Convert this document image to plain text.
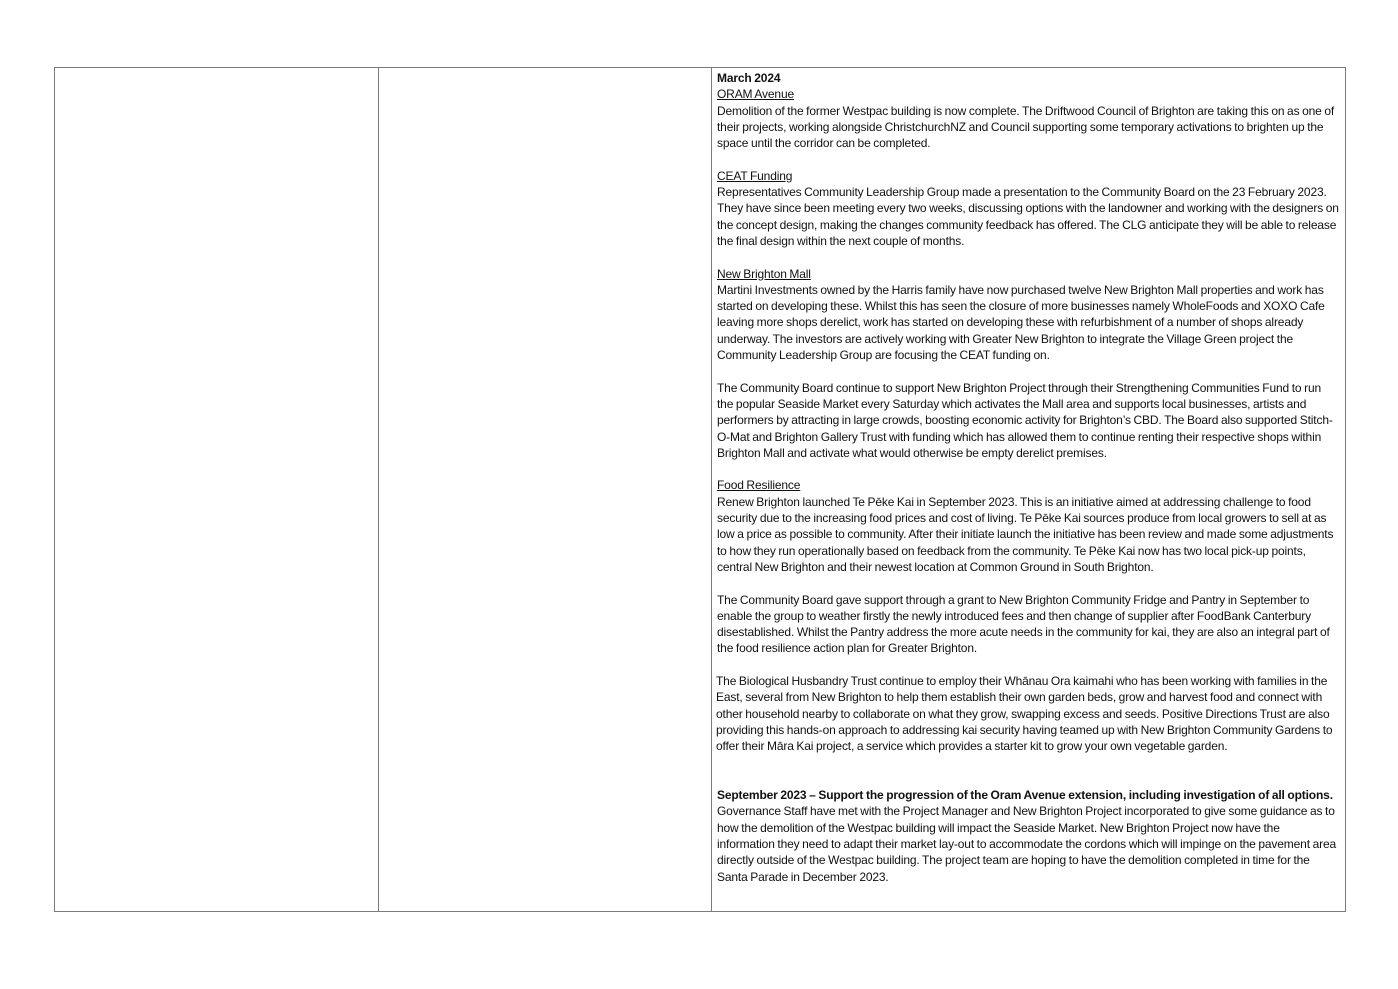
March 2024

ORAM Avenue

Demolition of the former Westpac building is now complete. The Driftwood Council of Brighton are taking this on as one of their projects, working alongside ChristchurchNZ and Council supporting some temporary activations to brighten up the space until the corridor can be completed.

CEAT Funding

Representatives Community Leadership Group made a presentation to the Community Board on the 23 February 2023. They have since been meeting every two weeks, discussing options with the landowner and working with the designers on the concept design, making the changes community feedback has offered. The CLG anticipate they will be able to release the final design within the next couple of months.

New Brighton Mall

Martini Investments owned by the Harris family have now purchased twelve New Brighton Mall properties and work has started on developing these. Whilst this has seen the closure of more businesses namely WholeFoods and XOXO Cafe leaving more shops derelict, work has started on developing these with refurbishment of a number of shops already underway. The investors are actively working with Greater New Brighton to integrate the Village Green project the Community Leadership Group are focusing the CEAT funding on.

The Community Board continue to support New Brighton Project through their Strengthening Communities Fund to run the popular Seaside Market every Saturday which activates the Mall area and supports local businesses, artists and performers by attracting in large crowds, boosting economic activity for Brighton’s CBD. The Board also supported Stitch-O-Mat and Brighton Gallery Trust with funding which has allowed them to continue renting their respective shops within Brighton Mall and activate what would otherwise be empty derelict premises.

Food Resilience

Renew Brighton launched Te Pēke Kai in September 2023. This is an initiative aimed at addressing challenge to food security due to the increasing food prices and cost of living. Te Pēke Kai sources produce from local growers to sell at as low a price as possible to community. After their initiate launch the initiative has been review and made some adjustments to how they run operationally based on feedback from the community. Te Pēke Kai now has two local pick-up points, central New Brighton and their newest location at Common Ground in South Brighton.

The Community Board gave support through a grant to New Brighton Community Fridge and Pantry in September to enable the group to weather firstly the newly introduced fees and then change of supplier after FoodBank Canterbury disestablished. Whilst the Pantry address the more acute needs in the community for kai, they are also an integral part of the food resilience action plan for Greater Brighton.

The Biological Husbandry Trust continue to employ their Whānau Ora kaimahi who has been working with families in the East, several from New Brighton to help them establish their own garden beds, grow and harvest food and connect with other household nearby to collaborate on what they grow, swapping excess and seeds. Positive Directions Trust are also providing this hands-on approach to addressing kai security having teamed up with New Brighton Community Gardens to offer their Māra Kai project, a service which provides a starter kit to grow your own vegetable garden.

September 2023 – Support the progression of the Oram Avenue extension, including investigation of all options.

Governance Staff have met with the Project Manager and New Brighton Project incorporated to give some guidance as to how the demolition of the Westpac building will impact the Seaside Market. New Brighton Project now have the information they need to adapt their market lay-out to accommodate the cordons which will impinge on the pavement area directly outside of the Westpac building. The project team are hoping to have the demolition completed in time for the Santa Parade in December 2023.
